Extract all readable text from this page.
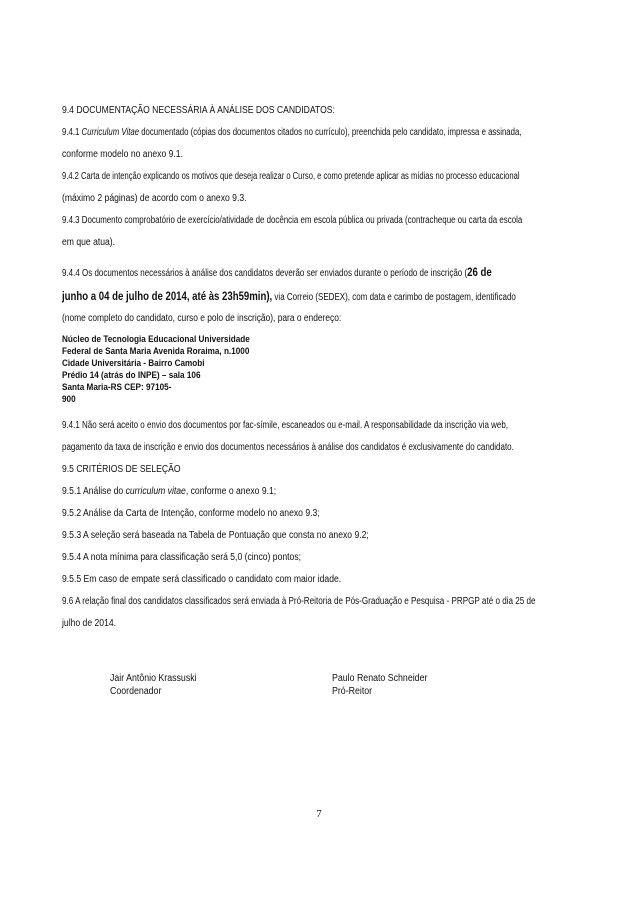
9.4 DOCUMENTAÇÃO NECESSÁRIA À ANÁLISE DOS CANDIDATOS:
9.4.1 Curriculum Vitae documentado (cópias dos documentos citados no currículo), preenchida pelo candidato, impressa e assinada,
conforme modelo no anexo 9.1.
9.4.2 Carta de intenção explicando os motivos que deseja realizar o Curso, e como pretende aplicar as mídias no processo educacional
(máximo 2 páginas) de acordo com o anexo 9.3.
9.4.3 Documento comprobatório de exercício/atividade de docência em escola pública ou privada (contracheque ou carta da escola
em que atua).
9.4.4 Os documentos necessários à análise dos candidatos deverão ser enviados durante o período de inscrição (26 de
junho a 04 de julho de 2014, até às 23h59min), via Correio (SEDEX), com data e carimbo de postagem, identificado
(nome completo do candidato, curso e polo de inscrição), para o endereço:
Núcleo de Tecnologia Educacional Universidade
Federal de Santa Maria Avenida Roraima, n.1000
Cidade Universitária - Bairro Camobi
Prédio 14 (atrás do INPE) – sala 106
Santa Maria-RS CEP: 97105-
900
9.4.1 Não será aceito o envio dos documentos por fac-símile, escaneados ou e-mail. A responsabilidade da inscrição via web,
pagamento da taxa de inscrição e envio dos documentos necessários à análise dos candidatos é exclusivamente do candidato.
9.5 CRITÉRIOS DE SELEÇÃO
9.5.1 Análise do curriculum vitae, conforme o anexo 9.1;
9.5.2 Análise da Carta de Intenção, conforme modelo no anexo 9.3;
9.5.3 A seleção será baseada na Tabela de Pontuação que consta no anexo 9.2;
9.5.4 A nota mínima para classificação será 5,0 (cinco) pontos;
9.5.5 Em caso de empate será classificado o candidato com maior idade.
9.6 A relação final dos candidatos classificados será enviada à Pró-Reitoria de Pós-Graduação e Pesquisa - PRPGP até o dia 25 de
julho de 2014.
Jair Antônio Krassuski
Coordenador
Paulo Renato Schneider
Pró-Reitor
7
